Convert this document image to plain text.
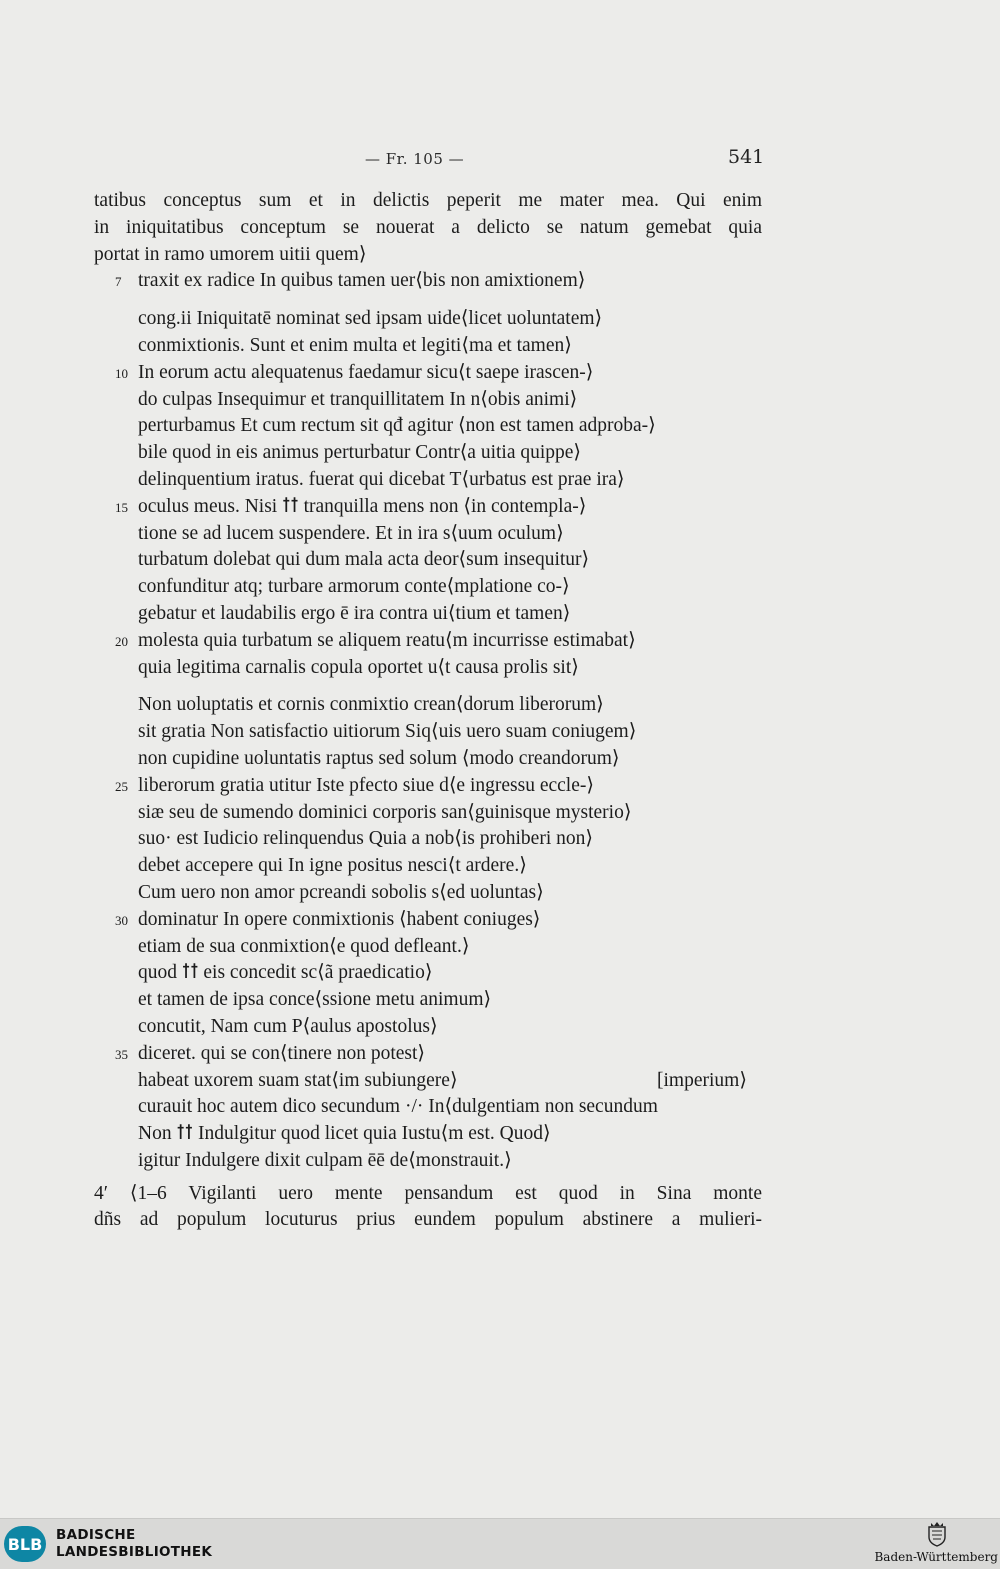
— Fr. 105 —	541
tatibus conceptus sum et in delictis peperit me mater mea. Qui enim
in iniquitatibus conceptum se nouerat a delicto se natum gemebat quia
portat in ramo umorem uitii quem⟩
7 traxit ex radice In quibus tamen uer⟨bis non amixtionem⟩
cong.ii Iniquitatē nominat sed ipsam uide⟨licet uoluntatem⟩
conmixtionis. Sunt et enim multa et legiti⟨ma et tamen⟩
10 In eorum actu alequatenus faedamur sicu⟨t saepe irascen-⟩
do culpas Insequimur et tranquillitatem In n⟨obis animi⟩
perturbamus Et cum rectum sit qđ agitur ⟨non est tamen adproba-⟩
bile quod in eis animus perturbatur Contr⟨a uitia quippe⟩
delinquentium iratus. fuerat qui dicebat T⟨urbatus est prae ira⟩
15 oculus meus. Nisi ꝉꝉ tranquilla mens non ⟨in contempla-⟩
tione se ad lucem suspendere. Et in ira s⟨uum oculum⟩
turbatum dolebat qui dum mala acta deor⟨sum insequitur⟩
confunditur atq; turbare armorum conte⟨mplatione co-⟩
gebatur et laudabilis ergo ē ira contra ui⟨tium et tamen⟩
20 molesta quia turbatum se aliquem reatu⟨m incurrisse estimabat⟩
quia legitima carnalis copula oportet u⟨t causa prolis sit⟩
Non uoluptatis et cornis conmixtio crean⟨dorum liberorum⟩
sit gratia Non satisfactio uitiorum Siq⟨uis uero suam coniugem⟩
non cupidine uoluntatis raptus sed solum ⟨modo creandorum⟩
25 liberorum gratia utitur Iste pfecto siue d⟨e ingressu eccle-⟩
siæ seu de sumendo dominici corporis san⟨guinisque mysterio⟩
suo· est Iudicio relinquendus Quia a nob⟨is prohiberi non⟩
debet accepere qui In igne positus nesci⟨t ardere.⟩
Cum uero non amor pcreandi sobolis s⟨ed uoluntas⟩
30 dominatur In opere conmixtionis ⟨habent coniuges⟩
etiam de sua conmixtion⟨e quod defleant.⟩
quod ꝉꝉ eis concedit sc⟨ã praedicatio⟩
et tamen de ipsa conce⟨ssione metu animum⟩
concutit, Nam cum P⟨aulus apostolus⟩
35 diceret. qui se con⟨tinere non potest⟩
habeat uxorem suam stat⟨im subiungere⟩	[imperium⟩
curauit hoc autem dico secundum ·/· In⟨dulgentiam non secundum
Non ꝉꝉ Indulgitur quod licet quia Iustu⟨m est. Quod⟩
igitur Indulgere dixit culpam ēē de⟨monstrauit.⟩
4′ ⟨1–6 Vigilanti uero mente pensandum est quod in Sina monte
dñs ad populum locuturus prius eundem populum abstinere a mulieri-
BLB BADISCHE
LANDESBIBLIOTHEK	Baden-Württemberg
